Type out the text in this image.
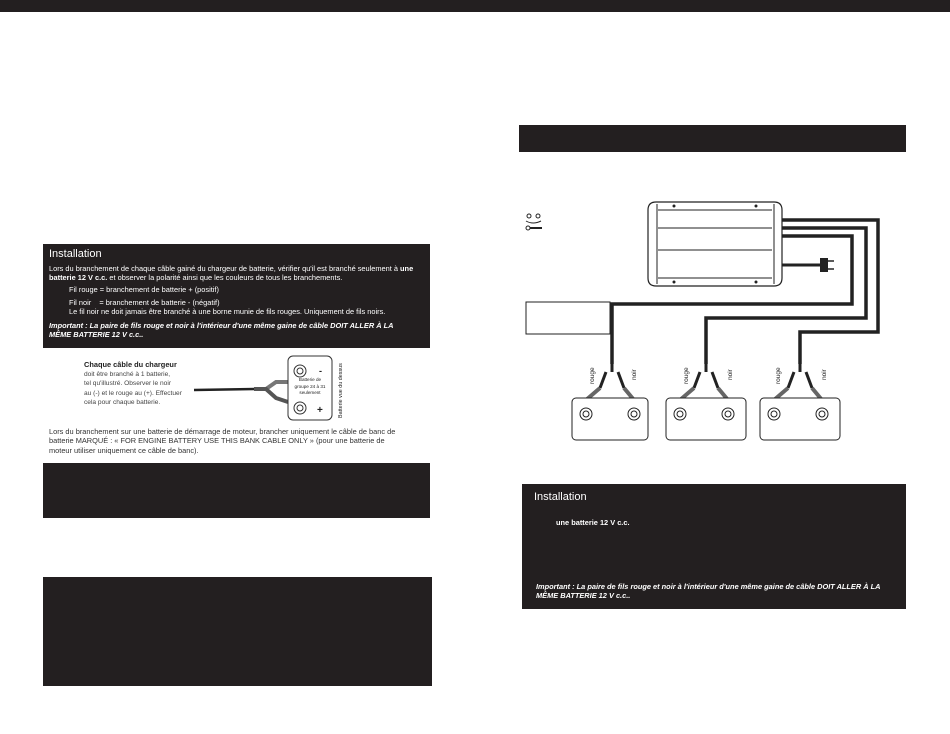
Installation
Lors du branchement de chaque câble gainé du chargeur de batterie, vérifier qu'il est branché seulement à une batterie 12 V c.c. et observer la polarité ainsi que les couleurs de tous les branchements.
Fil rouge = branchement de batterie + (positif)
Fil noir    = branchement de batterie - (négatif)
Le fil noir ne doit jamais être branché à une borne munie de fils rouges. Uniquement de fils noirs.
Important : La paire de fils rouge et noir à l'intérieur d'une même gaine de câble DOIT ALLER À LA MÊME BATTERIE 12 V c.c..
Chaque câble du chargeur
doit être branché à 1 batterie,
tel qu'illustré. Observer le noir
au (-) et le rouge au (+). Effectuer
cela pour chaque batterie.
-
+
Batterie de
groupe 24 à 31
seulement	Batterie vue du dessus
Lors du branchement sur une batterie de démarrage de moteur, brancher uniquement le câble de banc de batterie MARQUÉ : « FOR ENGINE BATTERY USE THIS BANK CABLE ONLY » (pour une batterie de moteur utiliser uniquement ce câble de banc).
rouge	noir	rouge	noir	rouge	noir
Installation
une batterie 12 V c.c.
Important : La paire de fils rouge et noir à l'intérieur d'une même gaine de câble DOIT ALLER À LA MÊME BATTERIE 12 V c.c..
